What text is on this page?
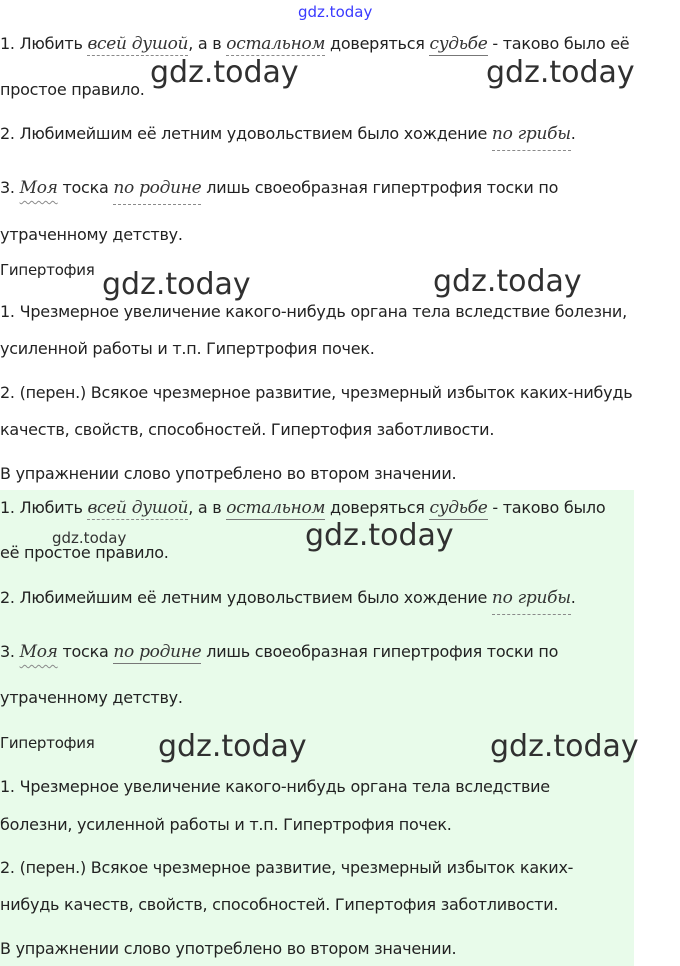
gdz.today
1. Любить всей душой, а в остальном доверяться судьбе - таково было её
простое правило. gdz.today	gdz.today
2. Любимейшим её летним удовольствием было хождение по грибы.
3. Моя тоска по родине лишь своеобразная гипертрофия тоски по
утраченному детству.
Гипертофия gdz.today	gdz.today
1. Чрезмерное увеличение какого-нибудь органа тела вследствие болезни,
усиленной работы и т.п. Гипертрофия почек.
2. (перен.) Всякое чрезмерное развитие, чрезмерный избыток каких-нибудь
качеств, свойств, способностей. Гипертофия заботливости.
В упражнении слово употреблено во втором значении.
1. Любить всей душой, а в остальном доверяться судьбе - таково было
её простое правило.
gdz.today	gdz.today
2. Любимейшим её летним удовольствием было хождение по грибы.
3. Моя тоска по родине лишь своеобразная гипертрофия тоски по
утраченному детству.
Гипертофия gdz.today	gdz.today
1. Чрезмерное увеличение какого-нибудь органа тела вследствие
болезни, усиленной работы и т.п. Гипертрофия почек.
2. (перен.) Всякое чрезмерное развитие, чрезмерный избыток каких-
нибудь качеств, свойств, способностей. Гипертофия заботливости.
В упражнении слово употреблено во втором значении.
